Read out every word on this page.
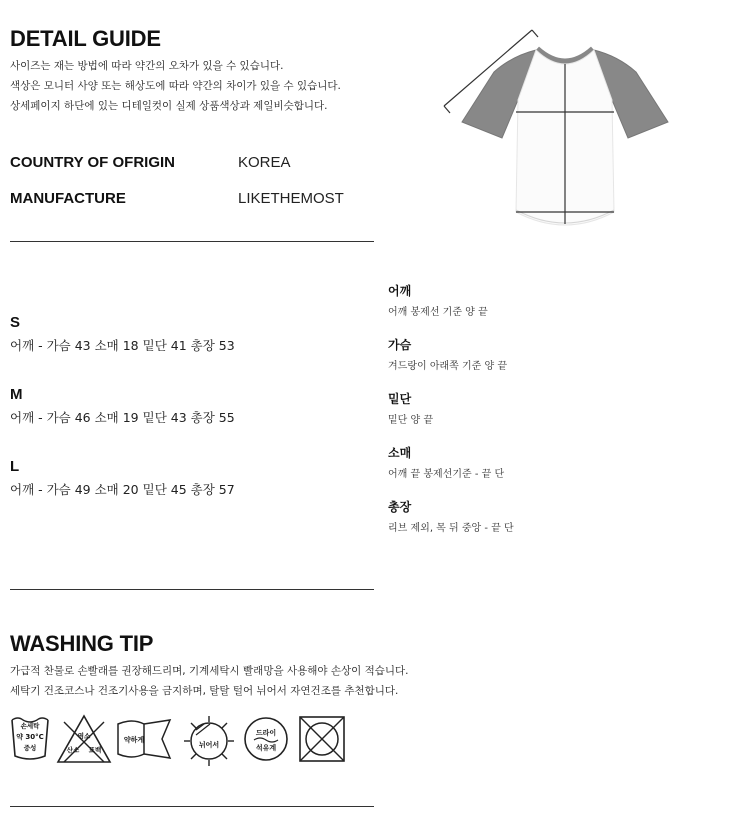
DETAIL GUIDE
사이즈는 재는 방법에 따라 약간의 오차가 있을 수 있습니다.
색상은 모니터 사양 또는 해상도에 따라 약간의 차이가 있을 수 있습니다.
상세페이지 하단에 있는 디테일컷이 실제 상품색상과 제일비슷합니다.
COUNTRY OF OFRIGIN	KOREA
MANUFACTURE	LIKETHEMOST
S
어깨 - 가슴 43 소매 18 밑단 41 총장 53
M
어깨 - 가슴 46 소매 19 밑단 43 총장 55
L
어깨 - 가슴 49 소매 20 밑단 45 총장 57
어깨
어깨 봉제선 기준 양 끝
가슴
겨드랑이 아래쪽 기준 양 끝
밑단
밑단 양 끝
소매
어깨 끝 봉제선기준 - 끝 단
총장
리브 제외, 목 뒤 중앙 - 끝 단
WASHING TIP
가급적 찬물로 손빨래를 권장해드리며, 기계세탁시 빨래망을 사용해야 손상이 적습니다.
세탁기 건조코스나 건조기사용을 금지하며, 탈탈 털어 뉘어서 자연건조를 추천합니다.
손세탁
약 30°C
중성
염소
산소 표백
약하게
뉘어서
드라이
석유계
